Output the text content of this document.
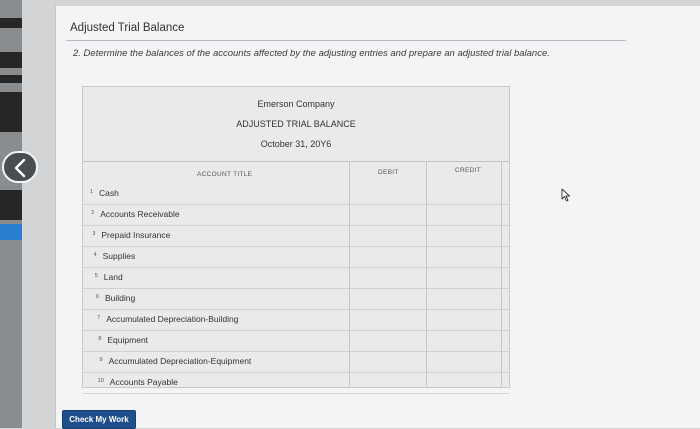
Adjusted Trial Balance
2. Determine the balances of the accounts affected by the adjusting entries and prepare an adjusted trial balance.
Emerson Company
ADJUSTED TRIAL BALANCE
October 31, 20Y6
ACCOUNT TITLE	DEBIT	CREDIT
1 Cash
2 Accounts Receivable
3 Prepaid Insurance
4 Supplies
5 Land
6 Building
7 Accumulated Depreciation-Building
8 Equipment
9 Accumulated Depreciation-Equipment
10 Accounts Payable
Check My Work
